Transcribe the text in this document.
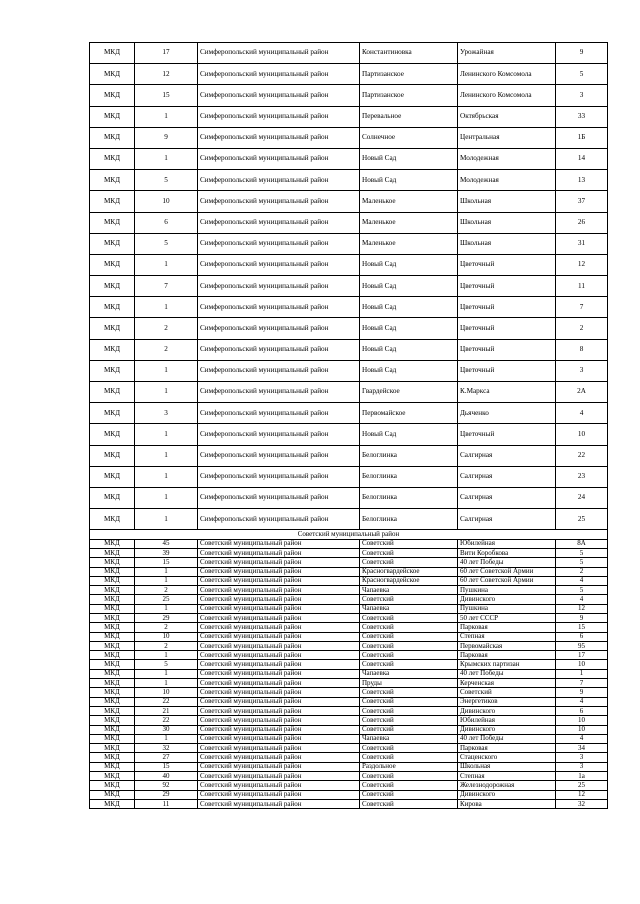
МКД	17	Симферопольский муниципальный район	Константиновка	Урожайная	9
МКД	12	Симферопольский муниципальный район	Партизанское	Ленинского Комсомола	5
МКД	15	Симферопольский муниципальный район	Партизанское	Ленинского Комсомола	3
МКД	1	Симферопольский муниципальный район	Перевальное	Октябрьская	33
МКД	9	Симферопольский муниципальный район	Солнечное	Центральная	1Б
МКД	1	Симферопольский муниципальный район	Новый Сад	Молодежная	14
МКД	5	Симферопольский муниципальный район	Новый Сад	Молодежная	13
МКД	10	Симферопольский муниципальный район	Маленькое	Школьная	37
МКД	6	Симферопольский муниципальный район	Маленькое	Школьная	26
МКД	5	Симферопольский муниципальный район	Маленькое	Школьная	31
МКД	1	Симферопольский муниципальный район	Новый Сад	Цветочный	12
МКД	7	Симферопольский муниципальный район	Новый Сад	Цветочный	11
МКД	1	Симферопольский муниципальный район	Новый Сад	Цветочный	7
МКД	2	Симферопольский муниципальный район	Новый Сад	Цветочный	2
МКД	2	Симферопольский муниципальный район	Новый Сад	Цветочный	8
МКД	1	Симферопольский муниципальный район	Новый Сад	Цветочный	3
МКД	1	Симферопольский муниципальный район	Гвардейское	К.Маркса	2А
МКД	3	Симферопольский муниципальный район	Первомайское	Дьяченко	4
МКД	1	Симферопольский муниципальный район	Новый Сад	Цветочный	10
МКД	1	Симферопольский муниципальный район	Белоглинка	Салгирная	22
МКД	1	Симферопольский муниципальный район	Белоглинка	Салгирная	23
МКД	1	Симферопольский муниципальный район	Белоглинка	Салгирная	24
МКД	1	Симферопольский муниципальный район	Белоглинка	Салгирная	25
Советский муниципальный район					
МКД	45	Советский муниципальный район	Советский	Юбилейная	8А
МКД	39	Советский муниципальный район	Советский	Вити Коробкова	5
МКД	15	Советский муниципальный район	Советский	40 лет Победы	5
МКД	1	Советский муниципальный район	Красногвардейское	60 лет Советской Армии	2
МКД	1	Советский муниципальный район	Красногвардейское	60 лет Советской Армии	4
МКД	2	Советский муниципальный район	Чапаевка	Пушкина	5
МКД	25	Советский муниципальный район	Советский	Дивинского	4
МКД	1	Советский муниципальный район	Чапаевка	Пушкина	12
МКД	29	Советский муниципальный район	Советский	50 лет СССР	9
МКД	2	Советский муниципальный район	Советский	Парковая	15
МКД	10	Советский муниципальный район	Советский	Степная	6
МКД	2	Советский муниципальный район	Советский	Первомайская	95
МКД	1	Советский муниципальный район	Советский	Парковая	17
МКД	5	Советский муниципальный район	Советский	Крымских партизан	10
МКД	1	Советский муниципальный район	Чапаевка	40 лет Победы	1
МКД	1	Советский муниципальный район	Пруды	Керченская	7
МКД	10	Советский муниципальный район	Советский	Советский	9
МКД	22	Советский муниципальный район	Советский	Энергетиков	4
МКД	21	Советский муниципальный район	Советский	Дивинского	6
МКД	22	Советский муниципальный район	Советский	Юбилейная	10
МКД	30	Советский муниципальный район	Советский	Дивинского	10
МКД	1	Советский муниципальный район	Чапаевка	40 лет Победы	4
МКД	32	Советский муниципальный район	Советский	Парковая	34
МКД	27	Советский муниципальный район	Советский	Стаценского	3
МКД	15	Советский муниципальный район	Раздольное	Школьная	3
МКД	40	Советский муниципальный район	Советский	Степная	1а
МКД	92	Советский муниципальный район	Советский	Железнодорожная	25
МКД	29	Советский муниципальный район	Советский	Дивинского	12
МКД	11	Советский муниципальный район	Советский	Кирова	32
